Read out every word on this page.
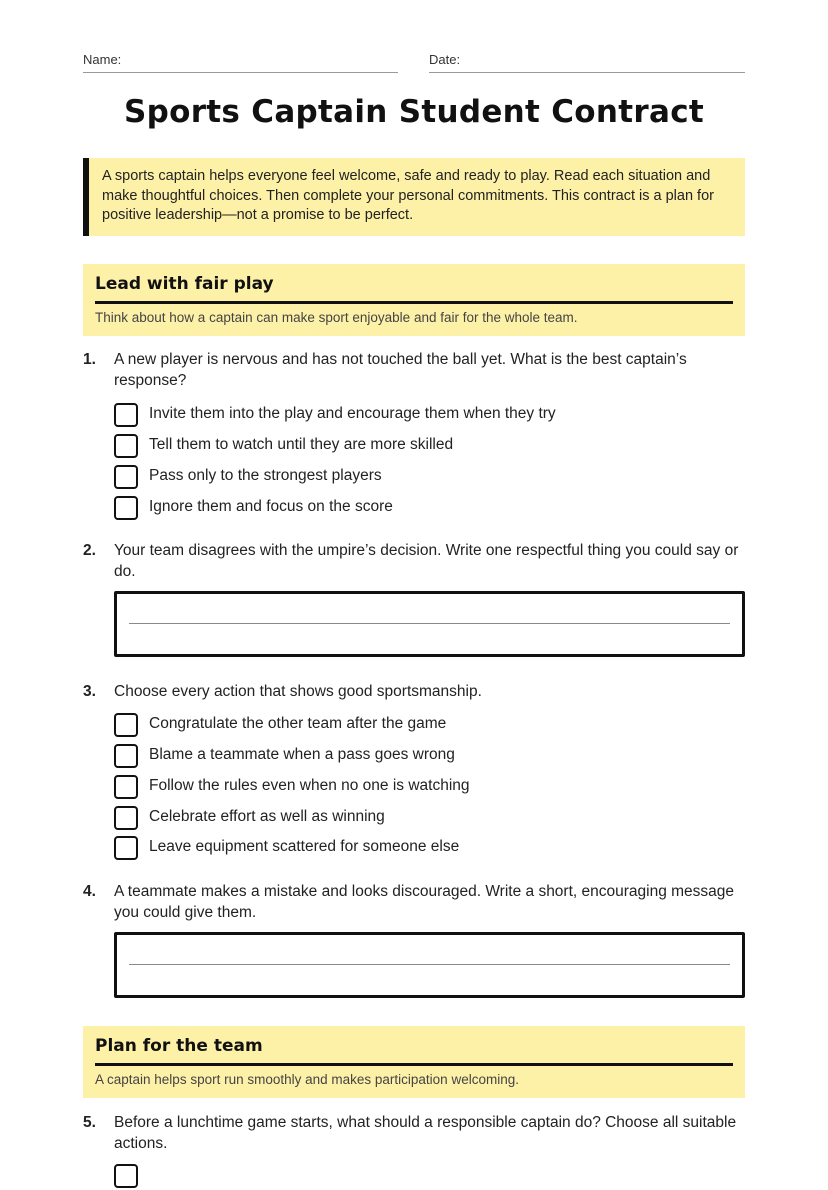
Name:	Date:
Sports Captain Student Contract
A sports captain helps everyone feel welcome, safe and ready to play. Read each situation and make thoughtful choices. Then complete your personal commitments. This contract is a plan for positive leadership—not a promise to be perfect.
Lead with fair play
Think about how a captain can make sport enjoyable and fair for the whole team.
1. A new player is nervous and has not touched the ball yet. What is the best captain’s response?
Invite them into the play and encourage them when they try
Tell them to watch until they are more skilled
Pass only to the strongest players
Ignore them and focus on the score
2. Your team disagrees with the umpire’s decision. Write one respectful thing you could say or do.
3. Choose every action that shows good sportsmanship.
Congratulate the other team after the game
Blame a teammate when a pass goes wrong
Follow the rules even when no one is watching
Celebrate effort as well as winning
Leave equipment scattered for someone else
4. A teammate makes a mistake and looks discouraged. Write a short, encouraging message you could give them.
Plan for the team
A captain helps sport run smoothly and makes participation welcoming.
5. Before a lunchtime game starts, what should a responsible captain do? Choose all suitable actions.
